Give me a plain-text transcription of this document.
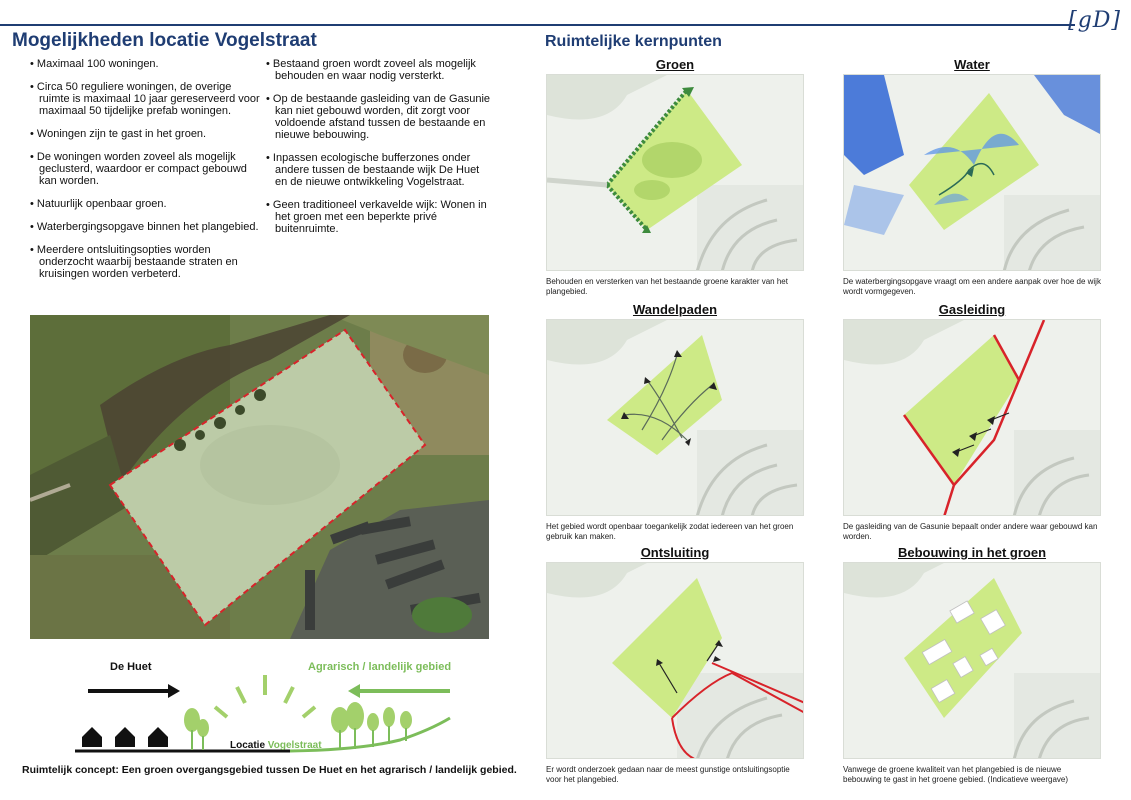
[gD]
Mogelijkheden locatie Vogelstraat	Ruimtelijke kernpunten
• Maximaal 100 woningen.
• Circa 50 reguliere woningen, de overige ruimte is maximaal 10 jaar gereserveerd voor maximaal 50 tijdelijke prefab woningen.
• Woningen zijn te gast in het groen.
• De woningen worden zoveel als mogelijk geclusterd, waardoor er compact gebouwd kan worden.
• Natuurlijk openbaar groen.
• Waterbergingsopgave binnen het plangebied.
• Meerdere ontsluitingsopties worden onderzocht waarbij bestaande straten en kruisingen worden verbeterd.
• Bestaand groen wordt zoveel als mogelijk behouden en waar nodig versterkt.
• Op de bestaande gasleiding van de Gasunie kan niet gebouwd worden, dit zorgt voor voldoende afstand tussen de bestaande en nieuwe bebouwing.
• Inpassen ecologische bufferzones onder andere tussen de bestaande wijk De Huet en de nieuwe ontwikkeling Vogelstraat.
• Geen traditioneel verkavelde wijk: Wonen in het groen met een beperkte privé buitenruimte.
De Huet	Agrarisch / landelijk gebied
Locatie Vogelstraat
Ruimtelijk concept: Een groen overgangsgebied tussen De Huet en het agrarisch / landelijk gebied.
Groen
Behouden en versterken van het bestaande groene karakter van het plangebied.
Water
De waterbergingsopgave vraagt om een andere aanpak over hoe de wijk wordt vormgegeven.
Wandelpaden
Het gebied wordt openbaar toegankelijk zodat iedereen van het groen gebruik kan maken.
Gasleiding
De gasleiding van de Gasunie bepaalt onder andere waar gebouwd kan worden.
Ontsluiting
Er wordt onderzoek gedaan naar de meest gunstige ontsluitingsoptie voor het plangebied.
Bebouwing in het groen
Vanwege de groene kwaliteit van het plangebied is de nieuwe bebouwing te gast in het groene gebied. (Indicatieve weergave)
